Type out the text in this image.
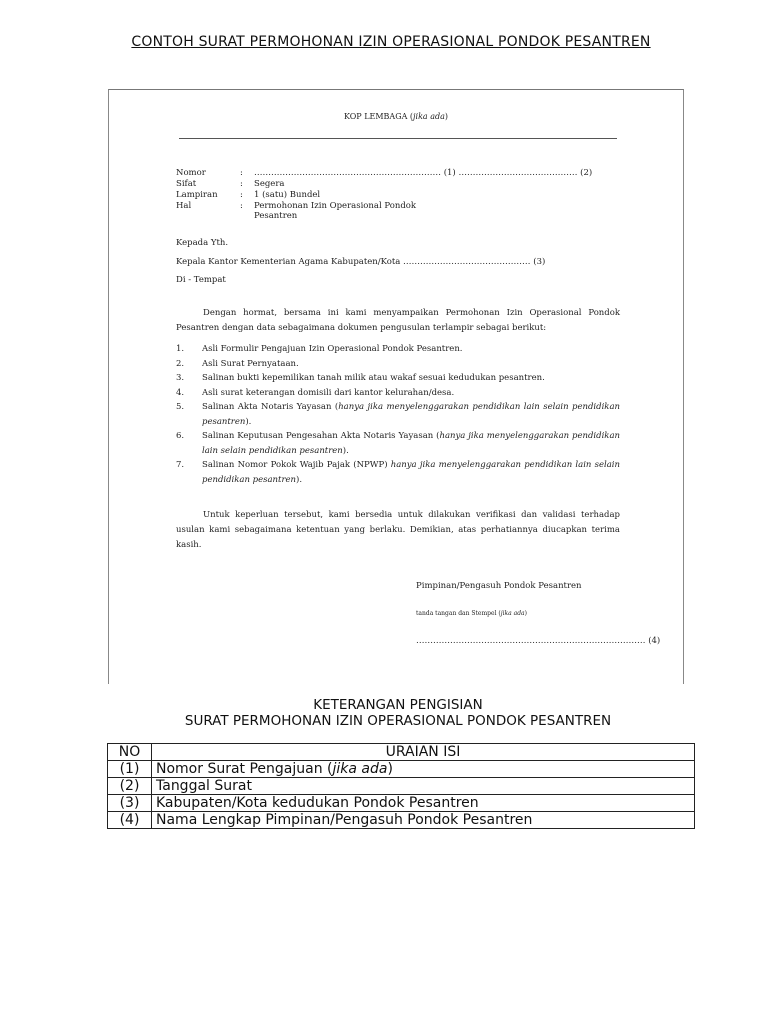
CONTOH SURAT PERMOHONAN IZIN OPERASIONAL PONDOK PESANTREN
KOP LEMBAGA (jika ada)
Nomor	: ………………………………………………………… (1) …………………………………… (2)
Sifat	: Segera
Lampiran	: 1 (satu) Bundel
Hal	: Permohonan Izin Operasional Pondok
Pesantren
Kepada Yth.
Kepala Kantor Kementerian Agama Kabupaten/Kota ……………………………………… (3)
Di - Tempat
Dengan hormat, bersama ini kami menyampaikan Permohonan Izin Operasional Pondok Pesantren dengan data sebagaimana dokumen pengusulan terlampir sebagai berikut:
1. Asli Formulir Pengajuan Izin Operasional Pondok Pesantren.
2. Asli Surat Pernyataan.
3. Salinan bukti kepemilikan tanah milik atau wakaf sesuai kedudukan pesantren.
4. Asli surat keterangan domisili dari kantor kelurahan/desa.
5. Salinan Akta Notaris Yayasan (hanya jika menyelenggarakan pendidikan lain selain pendidikan pesantren).
6. Salinan Keputusan Pengesahan Akta Notaris Yayasan (hanya jika menyelenggarakan pendidikan lain selain pendidikan pesantren).
7. Salinan Nomor Pokok Wajib Pajak (NPWP) hanya jika menyelenggarakan pendidikan lain selain pendidikan pesantren).
Untuk keperluan tersebut, kami bersedia untuk dilakukan verifikasi dan validasi terhadap usulan kami sebagaimana ketentuan yang berlaku. Demikian, atas perhatiannya diucapkan terima kasih.
Pimpinan/Pengasuh Pondok Pesantren
tanda tangan dan Stempel (jika ada)
……………………………………………………………………… (4)
KETERANGAN PENGISIAN
SURAT PERMOHONAN IZIN OPERASIONAL PONDOK PESANTREN
NO	URAIAN ISI
(1)	Nomor Surat Pengajuan (jika ada)
(2)	Tanggal Surat
(3)	Kabupaten/Kota kedudukan Pondok Pesantren
(4)	Nama Lengkap Pimpinan/Pengasuh Pondok Pesantren
